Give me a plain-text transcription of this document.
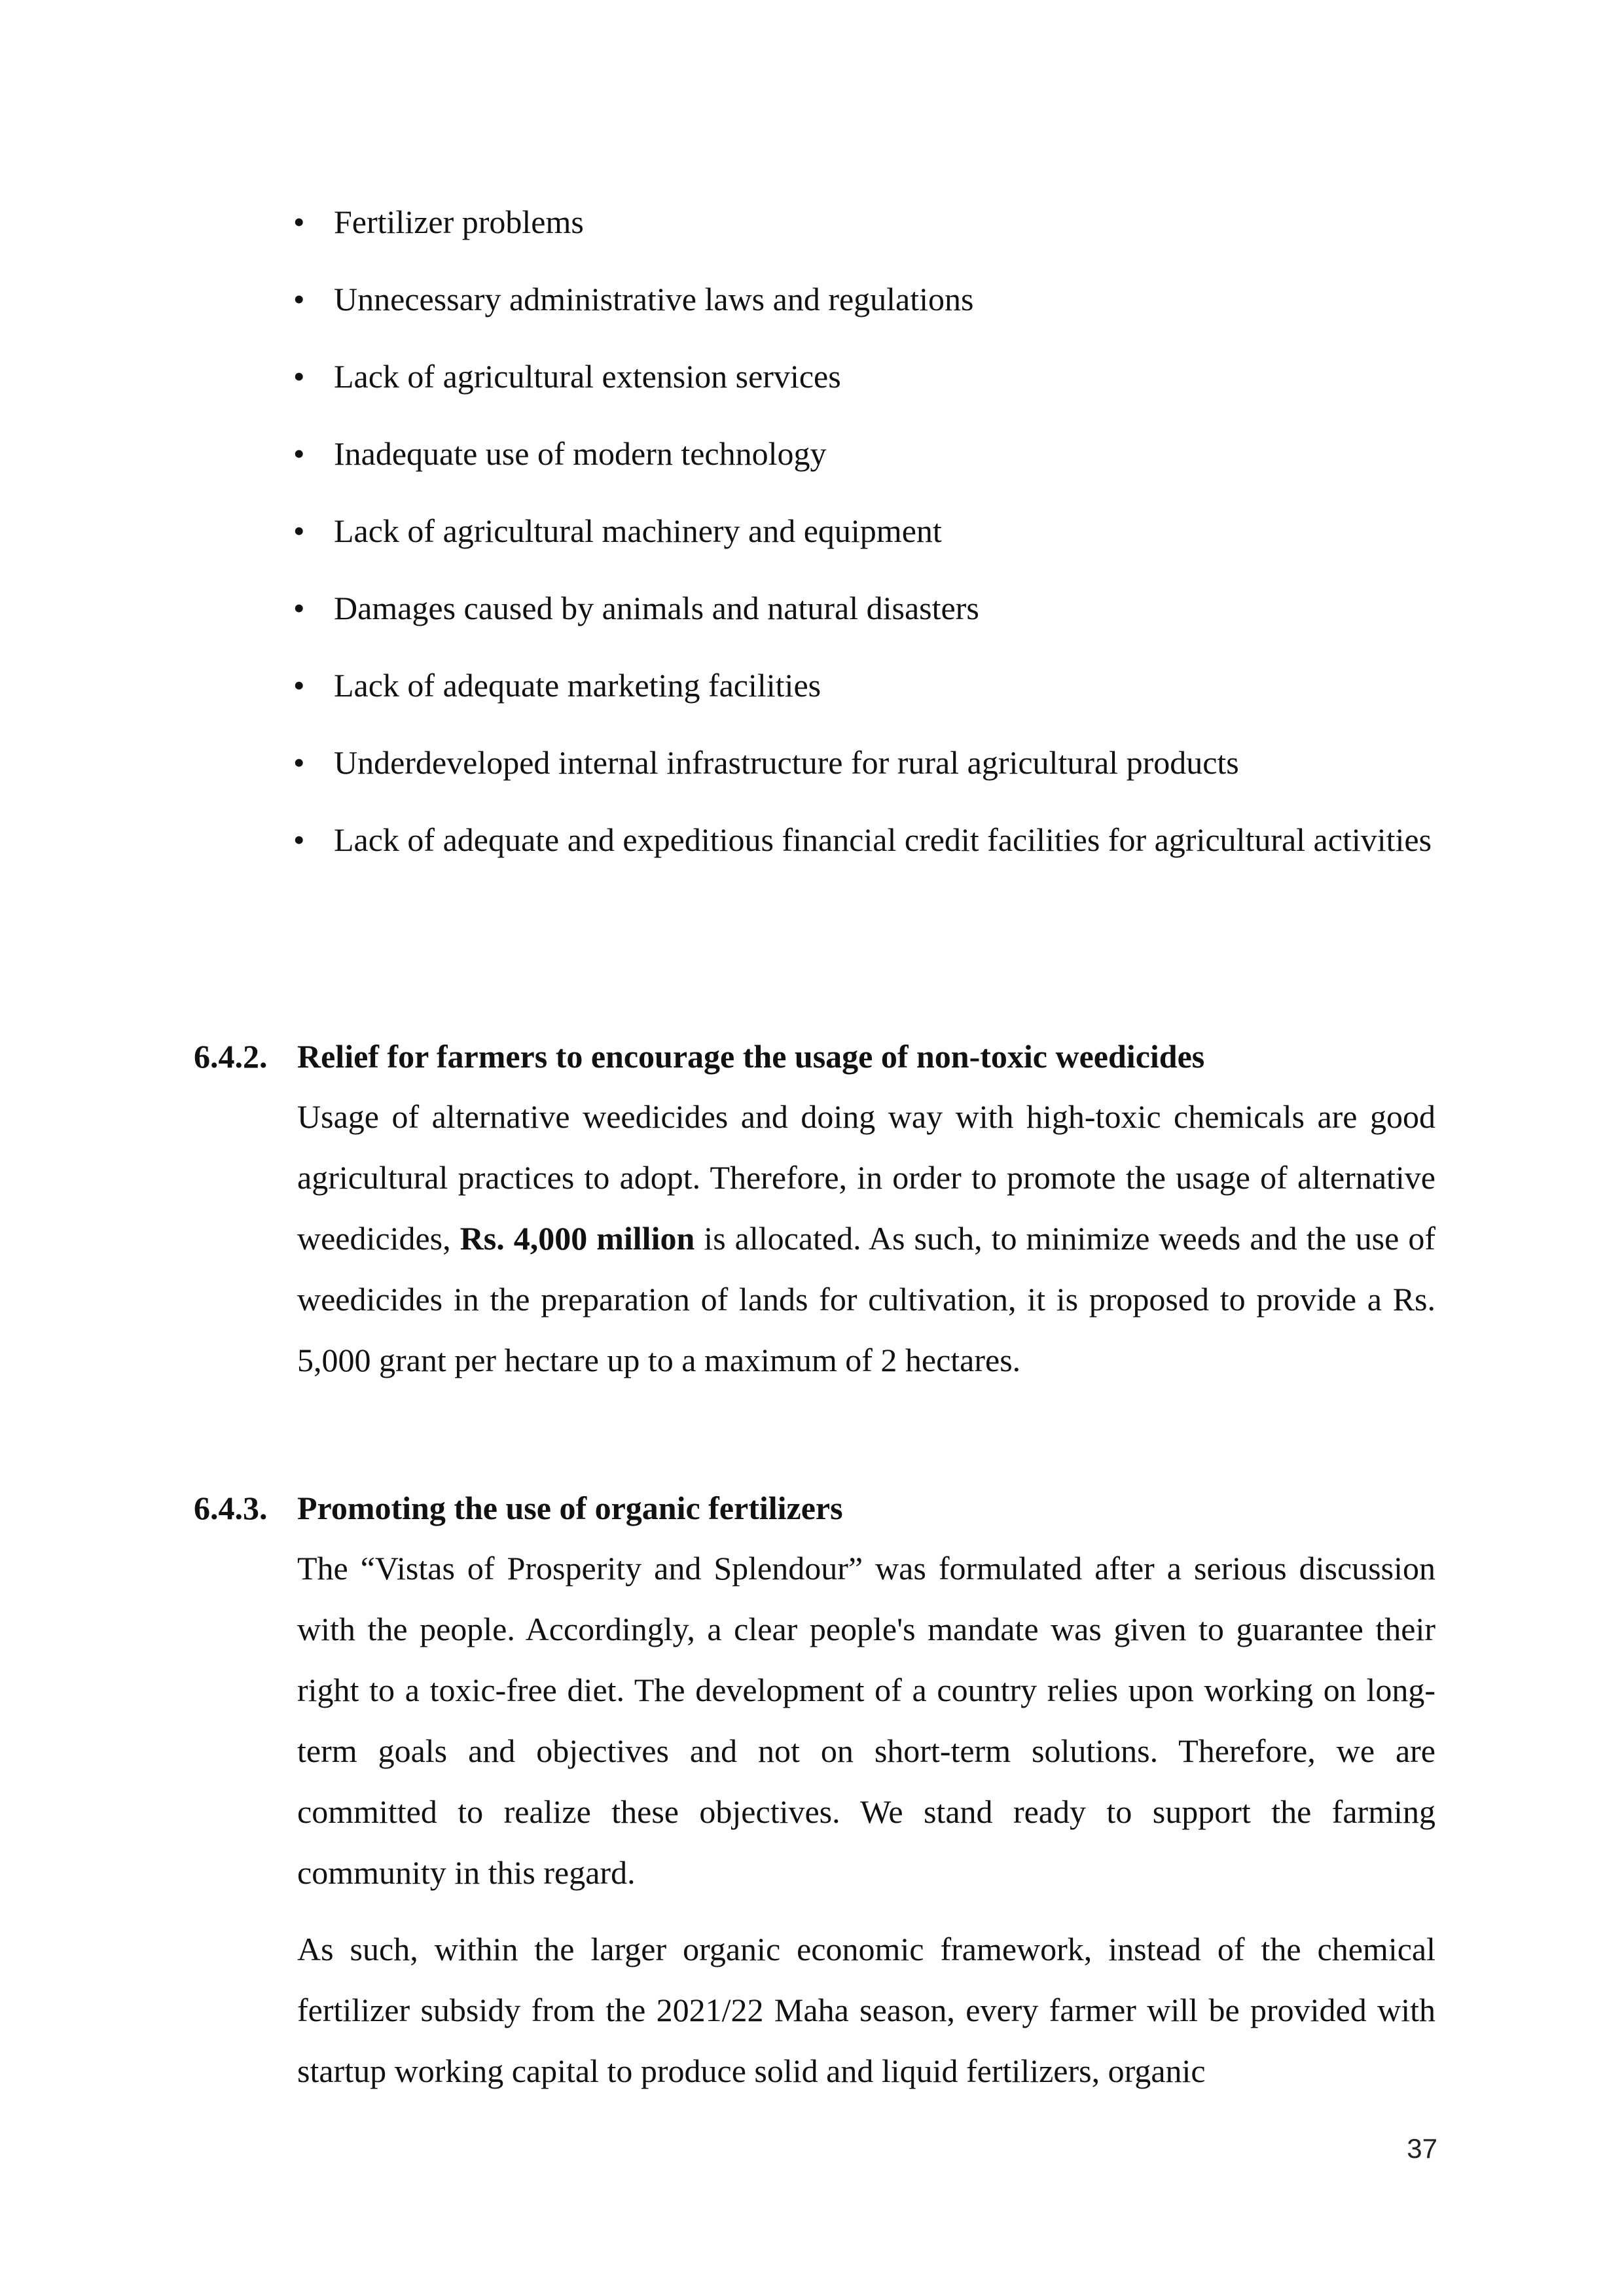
• Fertilizer problems
• Unnecessary administrative laws and regulations
• Lack of agricultural extension services
• Inadequate use of modern technology
• Lack of agricultural machinery and equipment
• Damages caused by animals and natural disasters
• Lack of adequate marketing facilities
• Underdeveloped internal infrastructure for rural agricultural products
• Lack of adequate and expeditious financial credit facilities for agricultural activities
6.4.2. Relief for farmers to encourage the usage of non-toxic weedicides

Usage of alternative weedicides and doing way with high-toxic chemicals are good agricultural practices to adopt. Therefore, in order to promote the usage of alternative weedicides, Rs. 4,000 million is allocated. As such, to minimize weeds and the use of weedicides in the preparation of lands for cultivation, it is proposed to provide a Rs. 5,000 grant per hectare up to a maximum of 2 hectares.

6.4.3. Promoting the use of organic fertilizers

The “Vistas of Prosperity and Splendour” was formulated after a serious discussion with the people. Accordingly, a clear people's mandate was given to guarantee their right to a toxic-free diet. The development of a country relies upon working on long-term goals and objectives and not on short-term solutions. Therefore, we are committed to realize these objectives. We stand ready to support the farming community in this regard.

As such, within the larger organic economic framework, instead of the chemical fertilizer subsidy from the 2021/22 Maha season, every farmer will be provided with startup working capital to produce solid and liquid fertilizers, organic

37
